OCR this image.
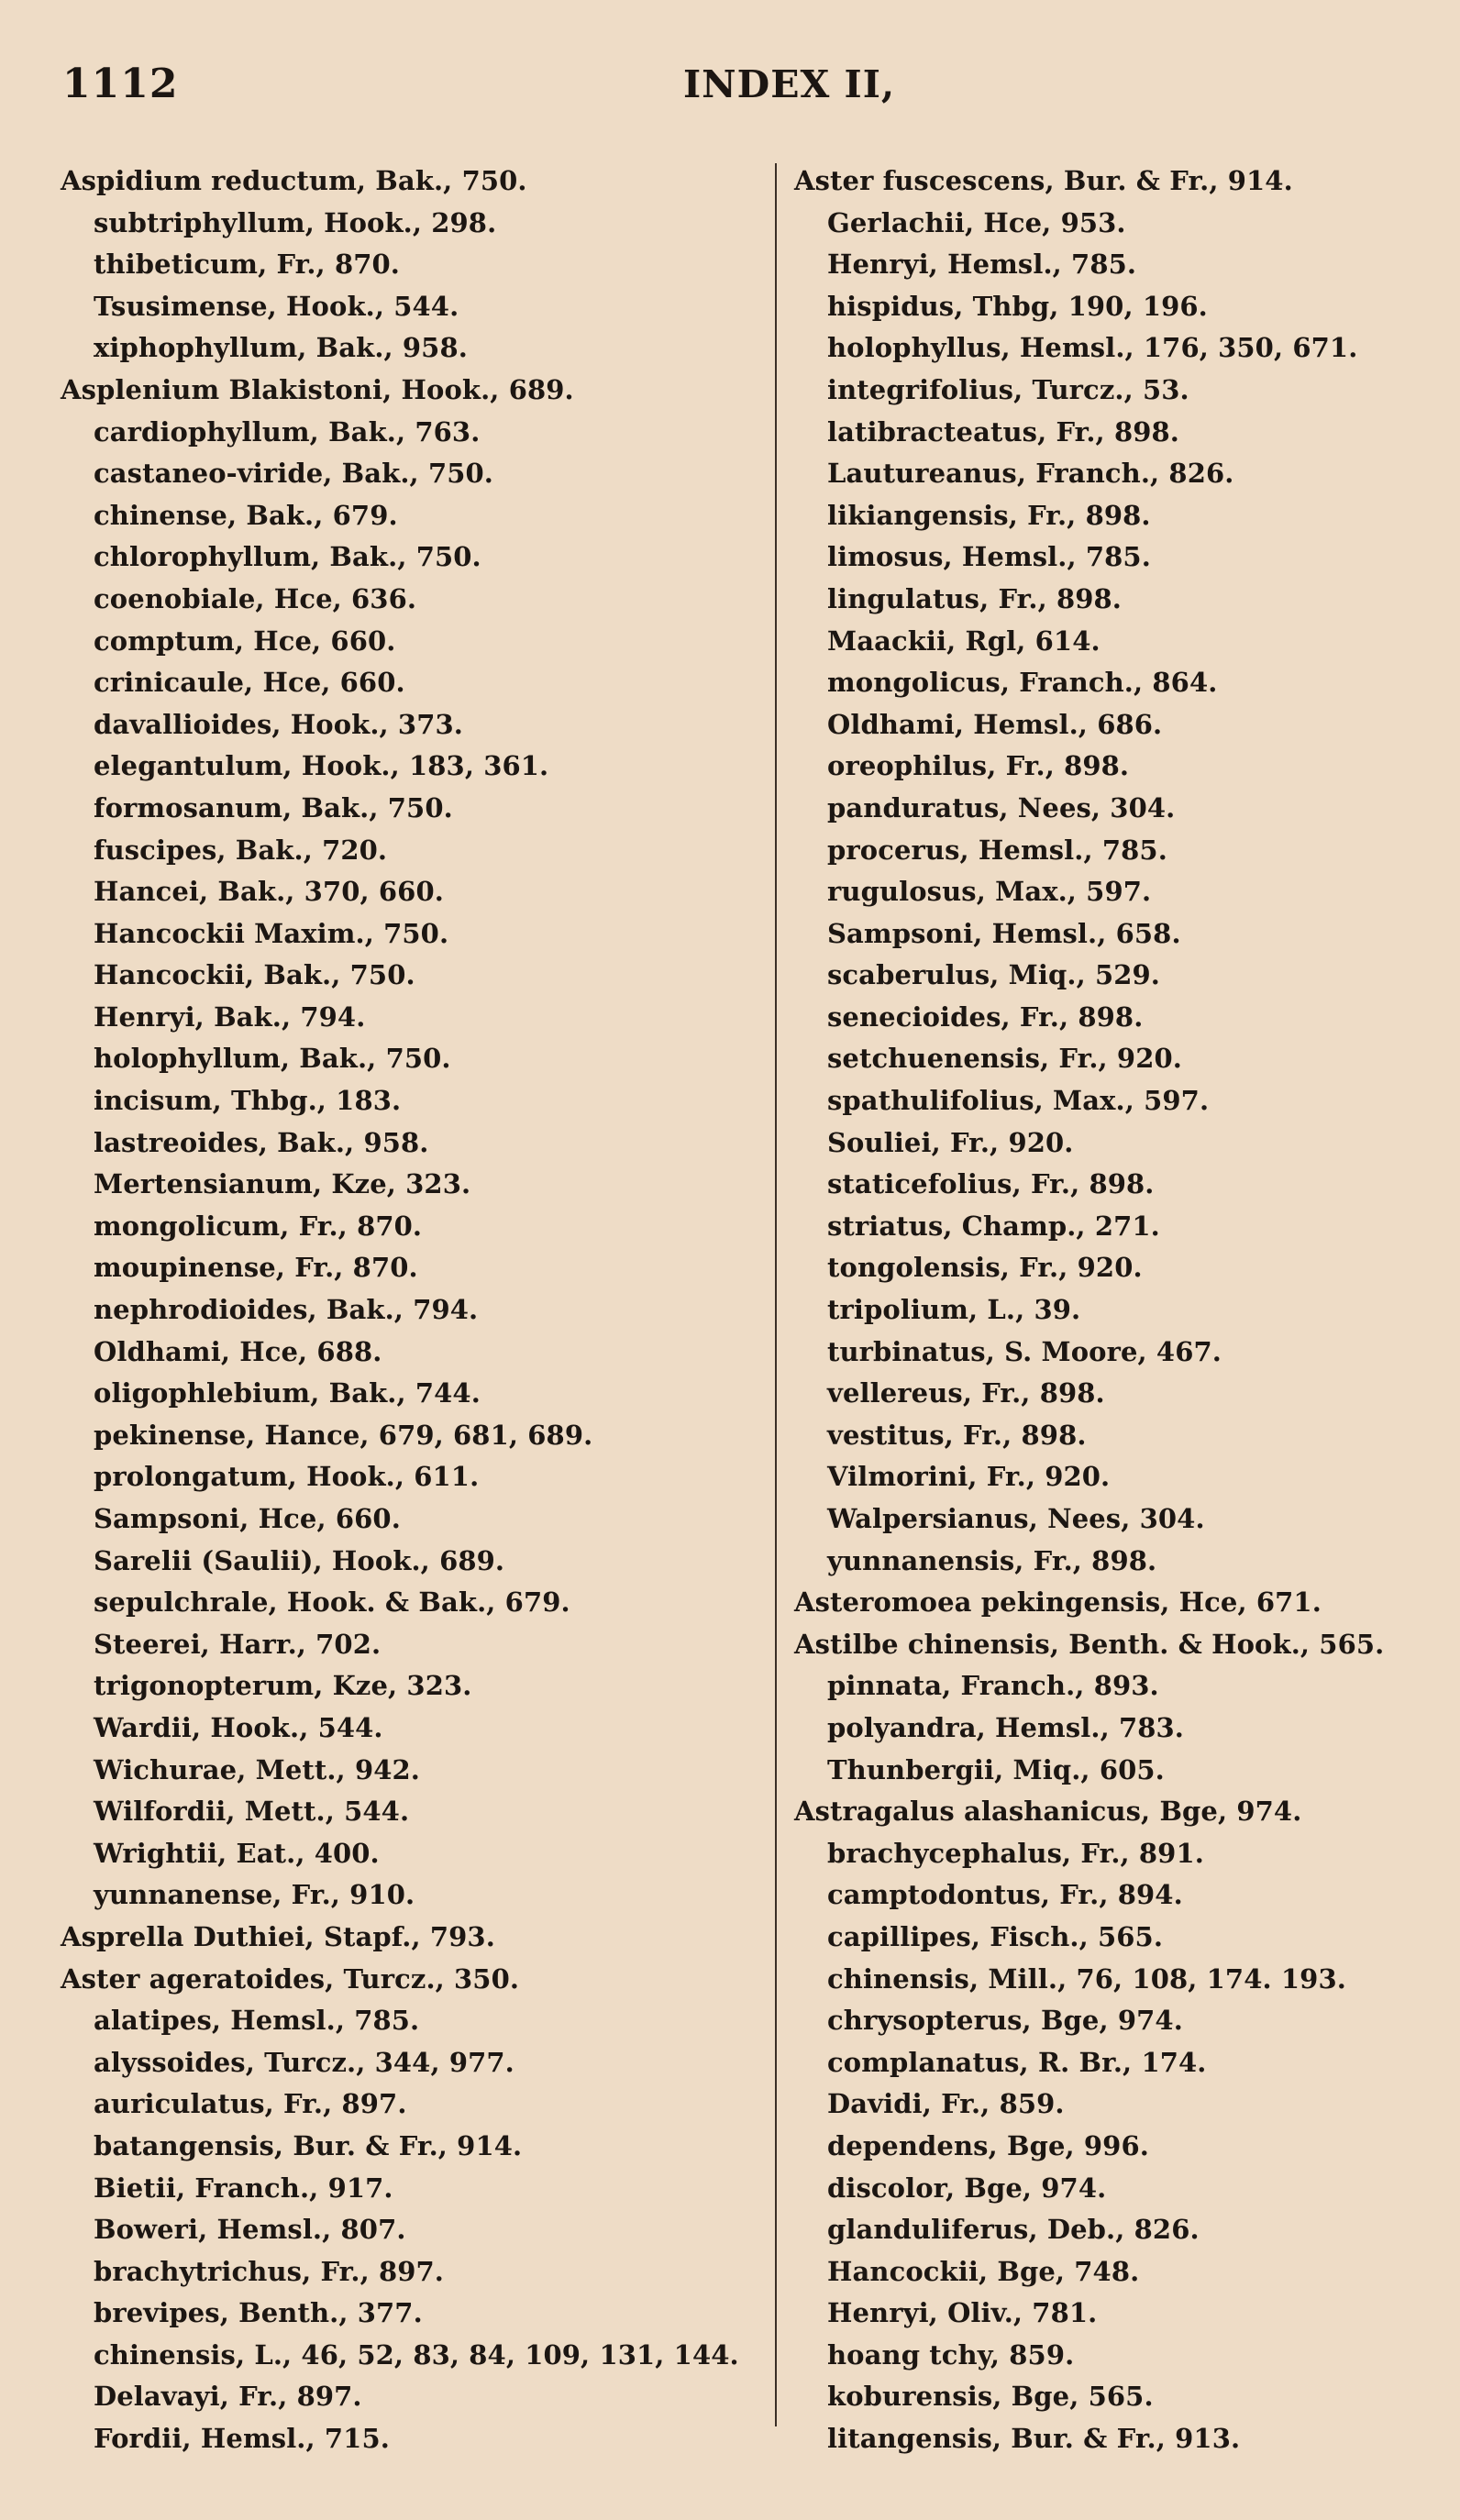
1112	INDEX II,
Aspidium reductum, Bak., 750.
subtriphyllum, Hook., 298.
thibeticum, Fr., 870.
Tsusimense, Hook., 544.
xiphophyllum, Bak., 958.
Asplenium Blakistoni, Hook., 689.
cardiophyllum, Bak., 763.
castaneo-viride, Bak., 750.
chinense, Bak., 679.
chlorophyllum, Bak., 750.
coenobiale, Hce, 636.
comptum, Hce, 660.
crinicaule, Hce, 660.
davallioides, Hook., 373.
elegantulum, Hook., 183, 361.
formosanum, Bak., 750.
fuscipes, Bak., 720.
Hancei, Bak., 370, 660.
Hancockii Maxim., 750.
Hancockii, Bak., 750.
Henryi, Bak., 794.
holophyllum, Bak., 750.
incisum, Thbg., 183.
lastreoides, Bak., 958.
Mertensianum, Kze, 323.
mongolicum, Fr., 870.
moupinense, Fr., 870.
nephrodioides, Bak., 794.
Oldhami, Hce, 688.
oligophlebium, Bak., 744.
pekinense, Hance, 679, 681, 689.
prolongatum, Hook., 611.
Sampsoni, Hce, 660.
Sarelii (Saulii), Hook., 689.
sepulchrale, Hook. & Bak., 679.
Steerei, Harr., 702.
trigonopterum, Kze, 323.
Wardii, Hook., 544.
Wichurae, Mett., 942.
Wilfordii, Mett., 544.
Wrightii, Eat., 400.
yunnanense, Fr., 910.
Asprella Duthiei, Stapf., 793.
Aster ageratoides, Turcz., 350.
alatipes, Hemsl., 785.
alyssoides, Turcz., 344, 977.
auriculatus, Fr., 897.
batangensis, Bur. & Fr., 914.
Bietii, Franch., 917.
Boweri, Hemsl., 807.
brachytrichus, Fr., 897.
brevipes, Benth., 377.
chinensis, L., 46, 52, 83, 84, 109, 131, 144.
Delavayi, Fr., 897.
Fordii, Hemsl., 715.
Aster fuscescens, Bur. & Fr., 914.
Gerlachii, Hce, 953.
Henryi, Hemsl., 785.
hispidus, Thbg, 190, 196.
holophyllus, Hemsl., 176, 350, 671.
integrifolius, Turcz., 53.
latibracteatus, Fr., 898.
Lautureanus, Franch., 826.
likiangensis, Fr., 898.
limosus, Hemsl., 785.
lingulatus, Fr., 898.
Maackii, Rgl, 614.
mongolicus, Franch., 864.
Oldhami, Hemsl., 686.
oreophilus, Fr., 898.
panduratus, Nees, 304.
procerus, Hemsl., 785.
rugulosus, Max., 597.
Sampsoni, Hemsl., 658.
scaberulus, Miq., 529.
senecioides, Fr., 898.
setchuenensis, Fr., 920.
spathulifolius, Max., 597.
Souliei, Fr., 920.
staticefolius, Fr., 898.
striatus, Champ., 271.
tongolensis, Fr., 920.
tripolium, L., 39.
turbinatus, S. Moore, 467.
vellereus, Fr., 898.
vestitus, Fr., 898.
Vilmorini, Fr., 920.
Walpersianus, Nees, 304.
yunnanensis, Fr., 898.
Asteromoea pekingensis, Hce, 671.
Astilbe chinensis, Benth. & Hook., 565.
pinnata, Franch., 893.
polyandra, Hemsl., 783.
Thunbergii, Miq., 605.
Astragalus alashanicus, Bge, 974.
brachycephalus, Fr., 891.
camptodontus, Fr., 894.
capillipes, Fisch., 565.
chinensis, Mill., 76, 108, 174. 193.
chrysopterus, Bge, 974.
complanatus, R. Br., 174.
Davidi, Fr., 859.
dependens, Bge, 996.
discolor, Bge, 974.
glanduliferus, Deb., 826.
Hancockii, Bge, 748.
Henryi, Oliv., 781.
hoang tchy, 859.
koburensis, Bge, 565.
litangensis, Bur. & Fr., 913.
